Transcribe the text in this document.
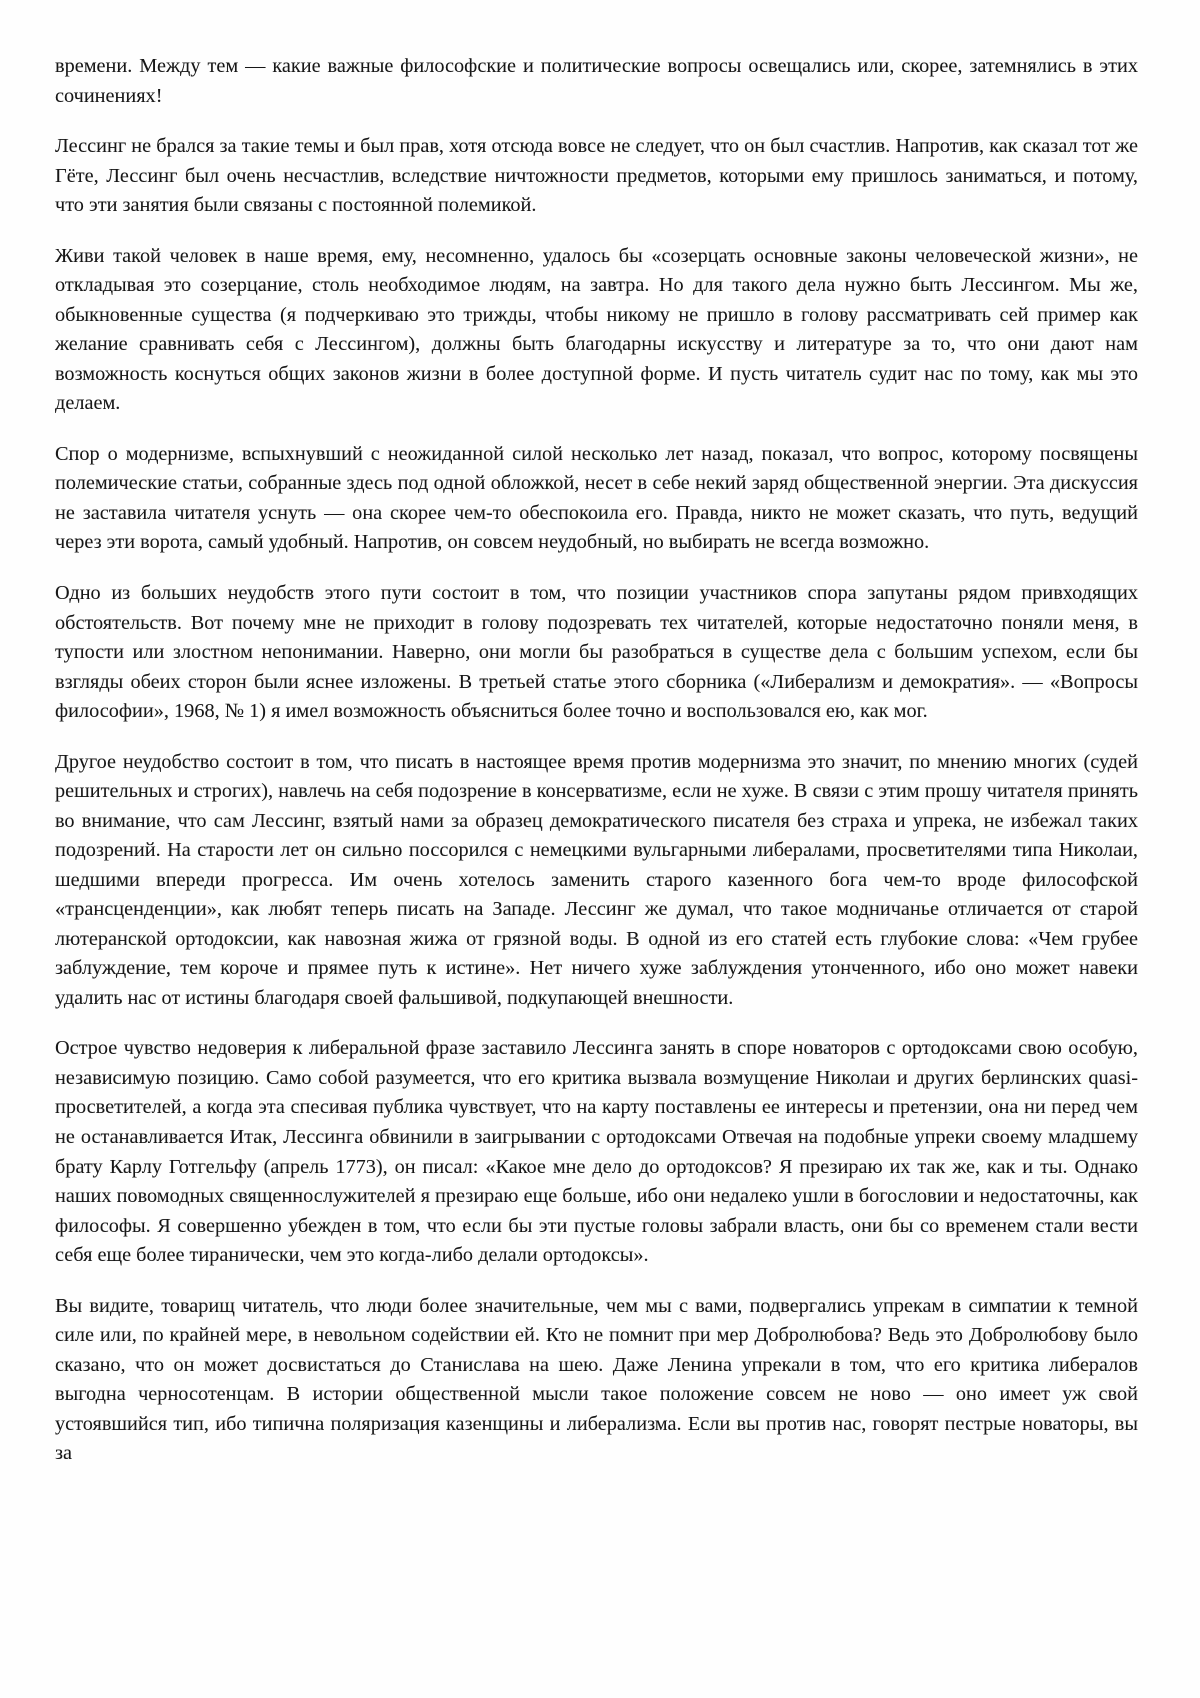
времени. Между тем — какие важные философские и политические вопросы освещались или, скорее, затемнялись в этих сочинениях!

Лессинг не брался за такие темы и был прав, хотя отсюда вовсе не следует, что он был счастлив. Напротив, как сказал тот же Гёте, Лессинг был очень несчастлив, вследствие ничтожности предметов, которыми ему пришлось заниматься, и потому, что эти занятия были связаны с постоянной полемикой.

Живи такой человек в наше время, ему, несомненно, удалось бы «созерцать основные законы человеческой жизни», не откладывая это созерцание, столь необходимое людям, на завтра. Но для такого дела нужно быть Лессингом. Мы же, обыкновенные существа (я подчеркиваю это трижды, чтобы никому не пришло в голову рассматривать сей пример как желание сравнивать себя с Лессингом), должны быть благодарны искусству и литературе за то, что они дают нам возможность коснуться общих законов жизни в более доступной форме. И пусть читатель судит нас по тому, как мы это делаем.

Спор о модернизме, вспыхнувший с неожиданной силой несколько лет назад, показал, что вопрос, которому посвящены полемические статьи, собранные здесь под одной обложкой, несет в себе некий заряд общественной энергии. Эта дискуссия не заставила читателя уснуть — она скорее чем-то обеспокоила его. Правда, никто не может сказать, что путь, ведущий через эти ворота, самый удобный. Напротив, он совсем неудобный, но выбирать не всегда возможно.

Одно из больших неудобств этого пути состоит в том, что позиции участников спора запутаны рядом привходящих обстоятельств. Вот почему мне не приходит в голову подозревать тех читателей, которые недостаточно поняли меня, в тупости или злостном непонимании. Наверно, они могли бы разобраться в существе дела с большим успехом, если бы взгляды обеих сторон были яснее изложены. В третьей статье этого сборника («Либерализм и демократия». — «Вопросы философии», 1968, № 1) я имел возможность объясниться более точно и воспользовался ею, как мог.

Другое неудобство состоит в том, что писать в настоящее время против модернизма это значит, по мнению многих (судей решительных и строгих), навлечь на себя подозрение в консерватизме, если не хуже. В связи с этим прошу читателя принять во внимание, что сам Лессинг, взятый нами за образец демократического писателя без страха и упрека, не избежал таких подозрений. На старости лет он сильно поссорился с немецкими вульгарными либералами, просветителями типа Николаи, шедшими впереди прогресса. Им очень хотелось заменить старого казенного бога чем-то вроде философской «трансценденции», как любят теперь писать на Западе. Лессинг же думал, что такое модничанье отличается от старой лютеранской ортодоксии, как навозная жижа от грязной воды. В одной из его статей есть глубокие слова: «Чем грубее заблуждение, тем короче и прямее путь к истине». Нет ничего хуже заблуждения утонченного, ибо оно может навеки удалить нас от истины благодаря своей фальшивой, подкупающей внешности.

Острое чувство недоверия к либеральной фразе заставило Лессинга занять в споре новаторов с ортодоксами свою особую, независимую позицию. Само собой разумеется, что его критика вызвала возмущение Николаи и других берлинских quasi-просветителей, а когда эта спесивая публика чувствует, что на карту поставлены ее интересы и претензии, она ни перед чем не останавливается Итак, Лессинга обвинили в заигрывании с ортодоксами Отвечая на подобные упреки своему младшему брату Карлу Готгельфу (апрель 1773), он писал: «Какое мне дело до ортодоксов? Я презираю их так же, как и ты. Однако наших повомодных священнослужителей я презираю еще больше, ибо они недалеко ушли в богословии и недостаточны, как философы. Я совершенно убежден в том, что если бы эти пустые головы забрали власть, они бы со временем стали вести себя еще более тиранически, чем это когда-либо делали ортодоксы».

Вы видите, товарищ читатель, что люди более значительные, чем мы с вами, подвергались упрекам в симпатии к темной силе или, по крайней мере, в невольном содействии ей. Кто не помнит при мер Добролюбова? Ведь это Добролюбову было сказано, что он может досвистаться до Станислава на шею. Даже Ленина упрекали в том, что его критика либералов выгодна черносотенцам. В истории общественной мысли такое положение совсем не ново — оно имеет уж свой устоявшийся тип, ибо типична поляризация казенщины и либерализма. Если вы против нас, говорят пестрые новаторы, вы за
